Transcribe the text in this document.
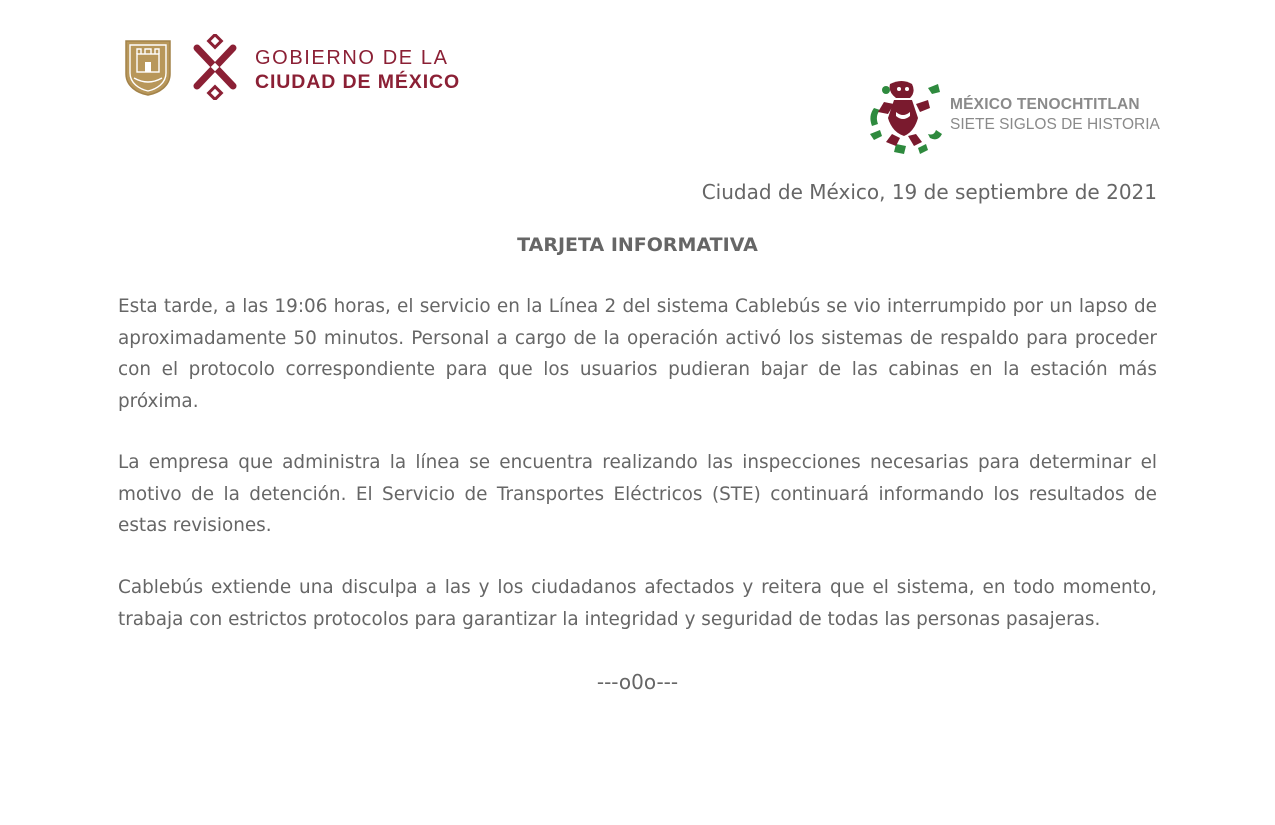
GOBIERNO DE LA
CIUDAD DE MÉXICO
MÉXICO TENOCHTITLAN
SIETE SIGLOS DE HISTORIA
Ciudad de México, 19 de septiembre de 2021
TARJETA INFORMATIVA

Esta tarde, a las 19:06 horas, el servicio en la Línea 2 del sistema Cablebús se vio interrumpido por un lapso de aproximadamente 50 minutos. Personal a cargo de la operación activó los sistemas de respaldo para proceder con el protocolo correspondiente para que los usuarios pudieran bajar de las cabinas en la estación más próxima.

La empresa que administra la línea se encuentra realizando las inspecciones necesarias para determinar el motivo de la detención. El Servicio de Transportes Eléctricos (STE) continuará informando los resultados de estas revisiones.

Cablebús extiende una disculpa a las y los ciudadanos afectados y reitera que el sistema, en todo momento, trabaja con estrictos protocolos para garantizar la integridad y seguridad de todas las personas pasajeras.

---o0o---
